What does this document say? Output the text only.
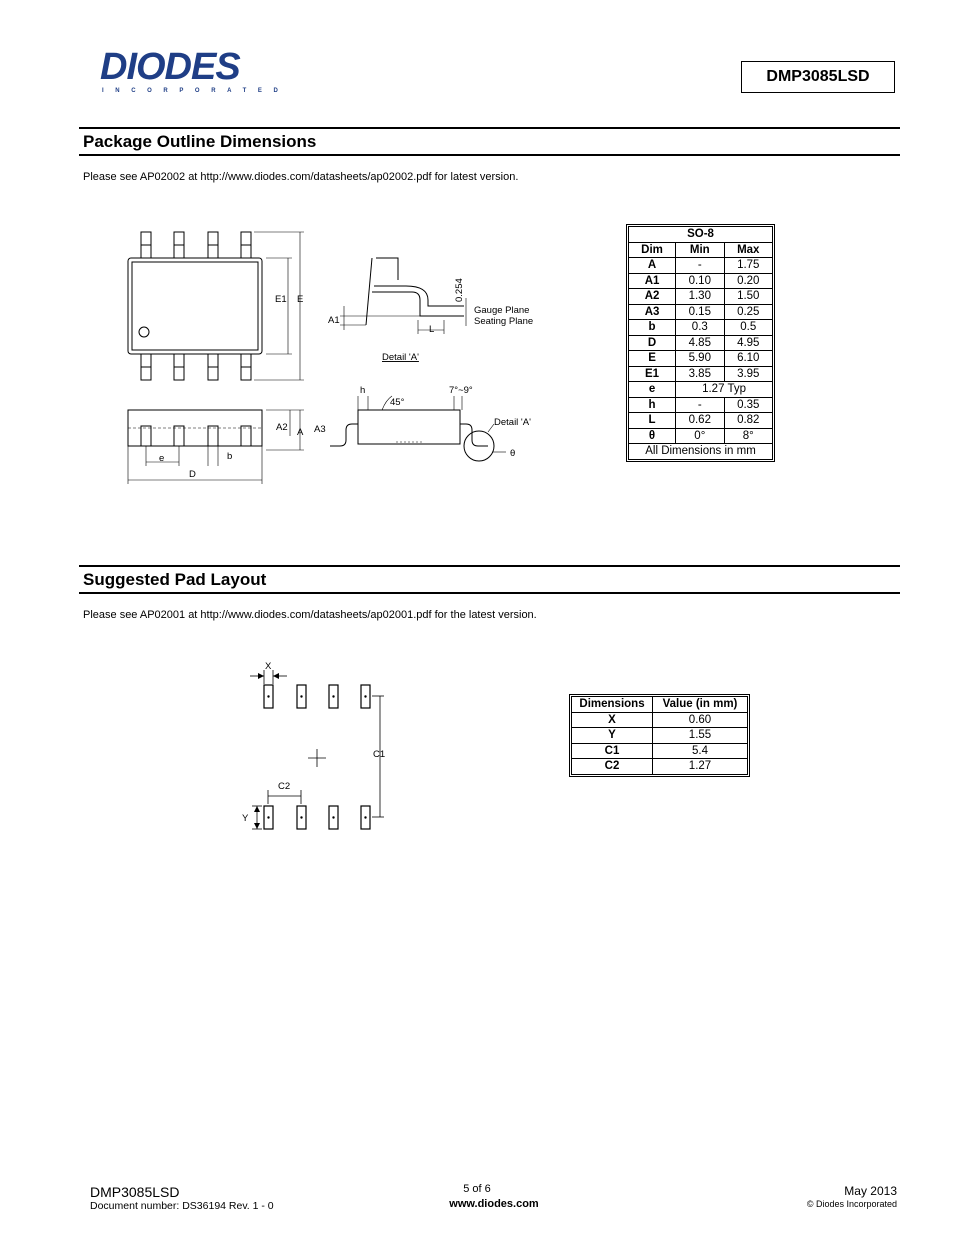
DIODES
INCORPORATED
DMP3085LSD
Package Outline Dimensions
Please see AP02002 at http://www.diodes.com/datasheets/ap02002.pdf for latest version.
E1 E
A1
L
0.254
Gauge Plane
Seating Plane
Detail 'A'
h
45°
7°~9°
A2 A A3
Detail 'A'
θ
e	b
D
SO-8		
Dim	Min	Max
A	-	1.75
A1	0.10	0.20
A2	1.30	1.50
A3	0.15	0.25
b	0.3	0.5
D	4.85	4.95
E	5.90	6.10
E1	3.85	3.95
e	1.27 Typ	
h	-	0.35
L	0.62	0.82
θ	0°	8°
All Dimensions in mm		
Suggested Pad Layout
Please see AP02001 at http://www.diodes.com/datasheets/ap02001.pdf for the latest version.
X
C1
C2
Y
Dimensions	Value (in mm)
X	0.60
Y	1.55
C1	5.4
C2	1.27
DMP3085LSD
Document number: DS36194 Rev. 1 - 0
5 of 6
www.diodes.com
May 2013
© Diodes Incorporated
